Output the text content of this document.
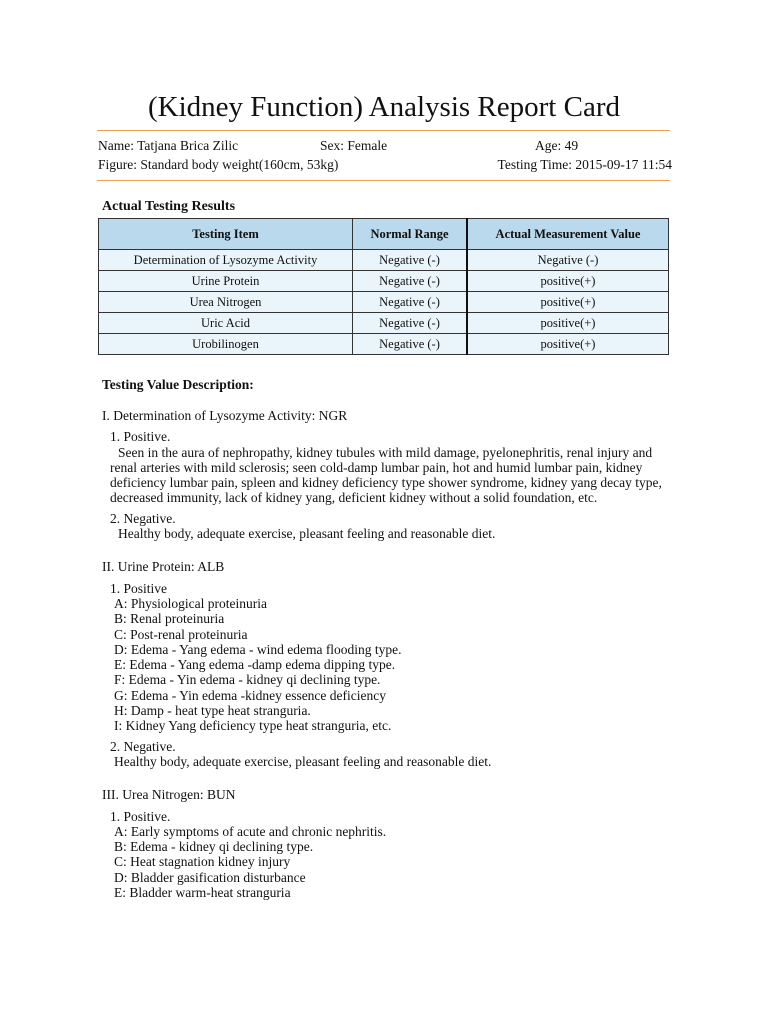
(Kidney Function) Analysis Report Card
Name: Tatjana Brica Zilic	Sex: Female	Age: 49
Figure: Standard body weight(160cm, 53kg)	Testing Time: 2015-09-17 11:54
Actual Testing Results
Testing Item	Normal Range	Actual Measurement Value
Determination of Lysozyme Activity	Negative (-)	Negative (-)
Urine Protein	Negative (-)	positive(+)
Urea Nitrogen	Negative (-)	positive(+)
Uric Acid	Negative (-)	positive(+)
Urobilinogen	Negative (-)	positive(+)
Testing Value Description:
I. Determination of Lysozyme Activity: NGR
1. Positive.
Seen in the aura of nephropathy, kidney tubules with mild damage, pyelonephritis, renal injury and renal arteries with mild sclerosis; seen cold-damp lumbar pain, hot and humid lumbar pain, kidney deficiency lumbar pain, spleen and kidney deficiency type shower syndrome, kidney yang decay type, decreased immunity, lack of kidney yang, deficient kidney without a solid foundation, etc.
2. Negative.
Healthy body, adequate exercise, pleasant feeling and reasonable diet.
II. Urine Protein: ALB
1. Positive
A: Physiological proteinuria
B: Renal proteinuria
C: Post-renal proteinuria
D: Edema - Yang edema - wind edema flooding type.
E: Edema - Yang edema -damp edema dipping type.
F: Edema - Yin edema - kidney qi declining type.
G: Edema - Yin edema -kidney essence deficiency
H: Damp - heat type heat stranguria.
I: Kidney Yang deficiency type heat stranguria, etc.
2. Negative.
Healthy body, adequate exercise, pleasant feeling and reasonable diet.
III. Urea Nitrogen: BUN
1. Positive.
A: Early symptoms of acute and chronic nephritis.
B: Edema - kidney qi declining type.
C: Heat stagnation kidney injury
D: Bladder gasification disturbance
E: Bladder warm-heat stranguria
